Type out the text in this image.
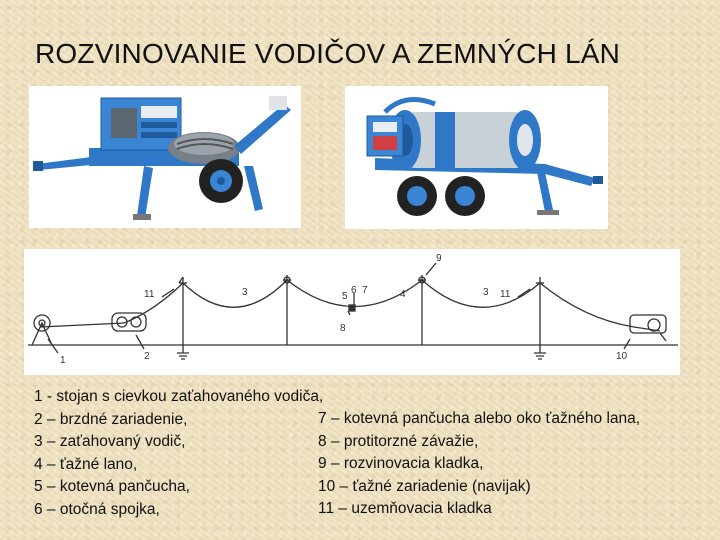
ROZVINOVANIE VODIČOV A ZEMNÝCH LÁN
1	2
3	3
4
5
6 7
8
9
10
11	11
1 - stojan s cievkou zaťahovaného vodiča,
2 – brzdné zariadenie,
3 – zaťahovaný vodič,
4 – ťažné lano,
5 – kotevná pančucha,
6 – otočná spojka,
7 – kotevná pančucha alebo oko ťažného lana,
8 – protitorzné závažie,
9 – rozvinovacia kladka,
10 – ťažné zariadenie (navijak)
11 – uzemňovacia kladka
